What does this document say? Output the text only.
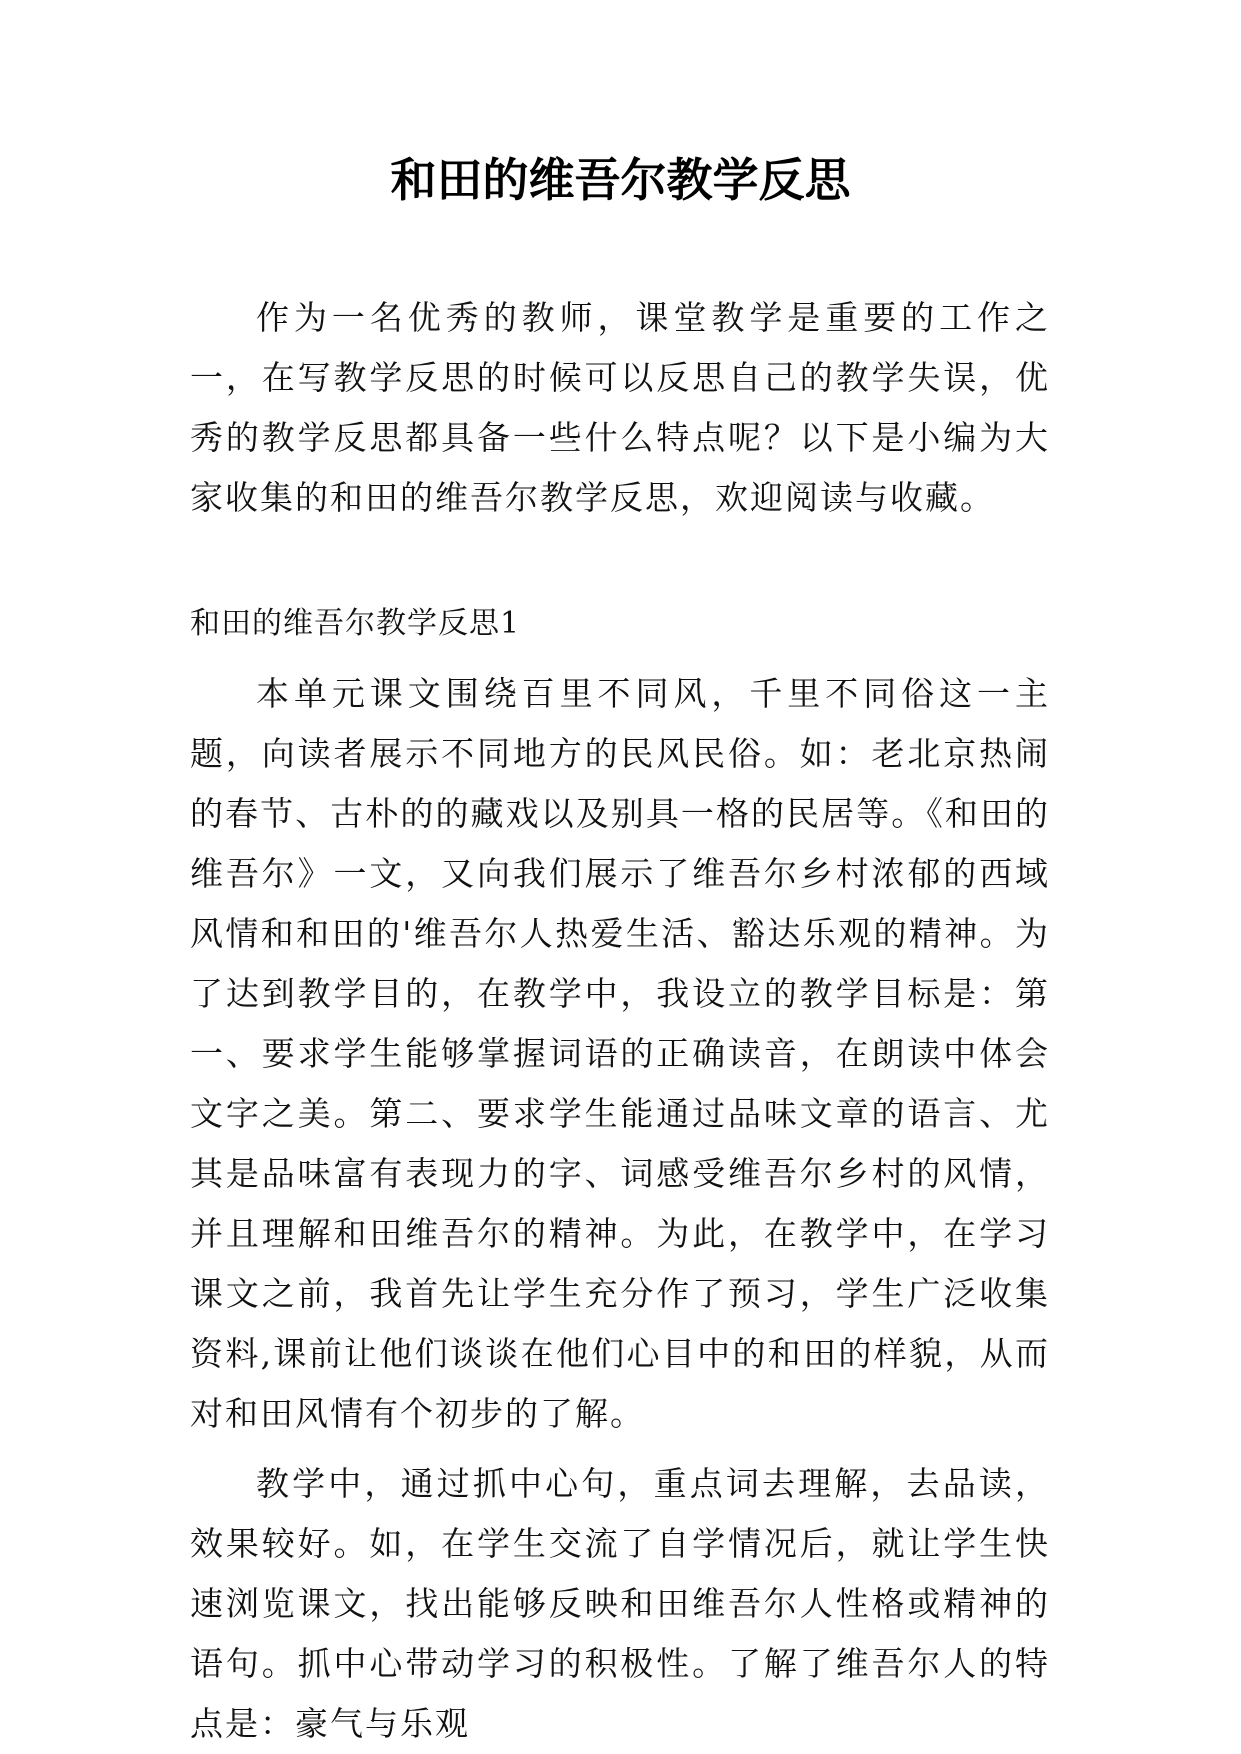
和田的维吾尔教学反思

作为一名优秀的教师，课堂教学是重要的工作之一，在写教学反思的时候可以反思自己的教学失误，优秀的教学反思都具备一些什么特点呢？以下是小编为大家收集的和田的维吾尔教学反思，欢迎阅读与收藏。

和田的维吾尔教学反思1

本单元课文围绕百里不同风，千里不同俗这一主题，向读者展示不同地方的民风民俗。如：老北京热闹的春节、古朴的的藏戏以及别具一格的民居等。《和田的维吾尔》一文，又向我们展示了维吾尔乡村浓郁的西域风情和和田的'维吾尔人热爱生活、豁达乐观的精神。为了达到教学目的，在教学中，我设立的教学目标是：第一、要求学生能够掌握词语的正确读音，在朗读中体会文字之美。第二、要求学生能通过品味文章的语言、尤其是品味富有表现力的字、词感受维吾尔乡村的风情，并且理解和田维吾尔的精神。为此，在教学中，在学习课文之前，我首先让学生充分作了预习，学生广泛收集资料,课前让他们谈谈在他们心目中的和田的样貌，从而对和田风情有个初步的了解。

教学中，通过抓中心句，重点词去理解，去品读，效果较好。如，在学生交流了自学情况后，就让学生快速浏览课文，找出能够反映和田维吾尔人性格或精神的语句。抓中心带动学习的积极性。了解了维吾尔人的特点是：豪气与乐观
